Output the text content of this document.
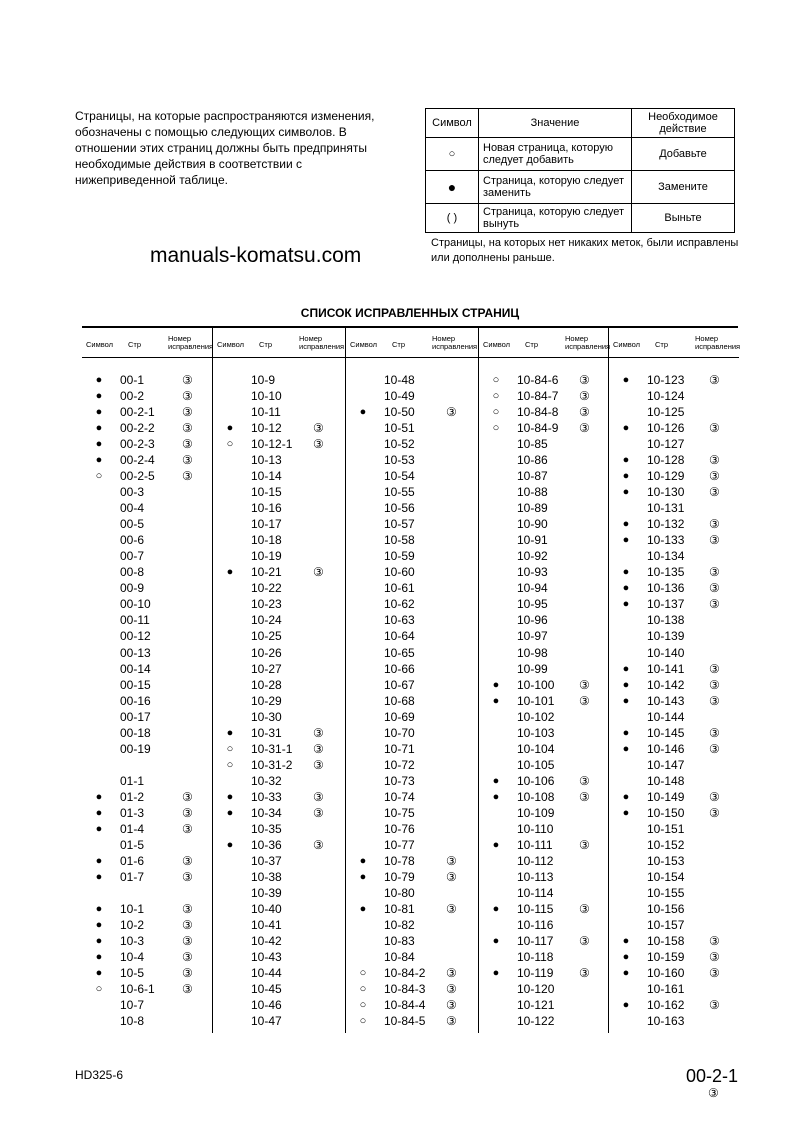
Страницы, на которые распространяются изменения, обозначены с помощью следующих символов. В отношении этих страниц должны быть предприняты необходимые действия в соответствии с нижеприведенной таблице.
Символ	Значение	Необходимое действие
○	Новая страница, которую следует добавить	Добавьте
●	Страница, которую следует заменить	Замените
( )	Страница, которую следует вынуть	Выньте
Страницы, на которых нет никаких меток, были исправлены или дополнены раньше.
manuals-komatsu.com
СПИСОК ИСПРАВЛЕННЫХ СТРАНИЦ
Символ Стр
Номер исправления
●	00-1	③
●	00-2	③
●	00-2-1 ③
●	00-2-2 ③
●	00-2-3 ③
●	00-2-4 ③
○	00-2-5 ③
00-3
00-4
00-5
00-6
00-7
00-8
00-9
00-10
00-11
00-12
00-13
00-14
00-15
00-16
00-17
00-18
00-19
01-1
●	01-2	③
●	01-3	③
●	01-4	③
01-5
●	01-6	③
●	01-7	③
●	10-1	③
●	10-2	③
●	10-3	③
●	10-4	③
●	10-5	③
○	10-6-1 ③
10-7
10-8
Символ Стр
Номер исправления
10-9
10-10
10-11
●	10-12	③
○	10-12-1 ③
10-13
10-14
10-15
10-16
10-17
10-18
10-19
●	10-21	③
10-22
10-23
10-24
10-25
10-26
10-27
10-28
10-29
10-30
●	10-31	③
○	10-31-1 ③
○	10-31-2 ③
10-32
●	10-33	③
●	10-34	③
10-35
●	10-36	③
10-37
10-38
10-39
10-40
10-41
10-42
10-43
10-44
10-45
10-46
10-47
Символ Стр
Номер исправления
10-48
10-49
●	10-50	③
10-51
10-52
10-53
10-54
10-55
10-56
10-57
10-58
10-59
10-60
10-61
10-62
10-63
10-64
10-65
10-66
10-67
10-68
10-69
10-70
10-71
10-72
10-73
10-74
10-75
10-76
10-77
●	10-78	③
●	10-79	③
10-80
●	10-81	③
10-82
10-83
10-84
○	10-84-2 ③
○	10-84-3 ③
○	10-84-4 ③
○	10-84-5 ③
Символ Стр
Номер исправления
○	10-84-6 ③
○	10-84-7 ③
○	10-84-8 ③
○	10-84-9 ③
10-85
10-86
10-87
10-88
10-89
10-90
10-91
10-92
10-93
10-94
10-95
10-96
10-97
10-98
10-99
●	10-100 ③
●	10-101 ③
10-102
10-103
10-104
10-105
●	10-106 ③
●	10-108 ③
10-109
10-110
●	10-111 ③
10-112
10-113
10-114
●	10-115 ③
10-116
●	10-117 ③
10-118
●	10-119 ③
10-120
10-121
10-122
Символ Стр
Номер исправления
●	10-123 ③
10-124
10-125
●	10-126 ③
10-127
●	10-128 ③
●	10-129 ③
●	10-130 ③
10-131
●	10-132 ③
●	10-133 ③
10-134
●	10-135 ③
●	10-136 ③
●	10-137 ③
10-138
10-139
10-140
●	10-141 ③
●	10-142 ③
●	10-143 ③
10-144
●	10-145 ③
●	10-146 ③
10-147
10-148
●	10-149 ③
●	10-150 ③
10-151
10-152
10-153
10-154
10-155
10-156
10-157
●	10-158 ③
●	10-159 ③
●	10-160 ③
10-161
●	10-162 ③
10-163
HD325-6	00-2-1
③
